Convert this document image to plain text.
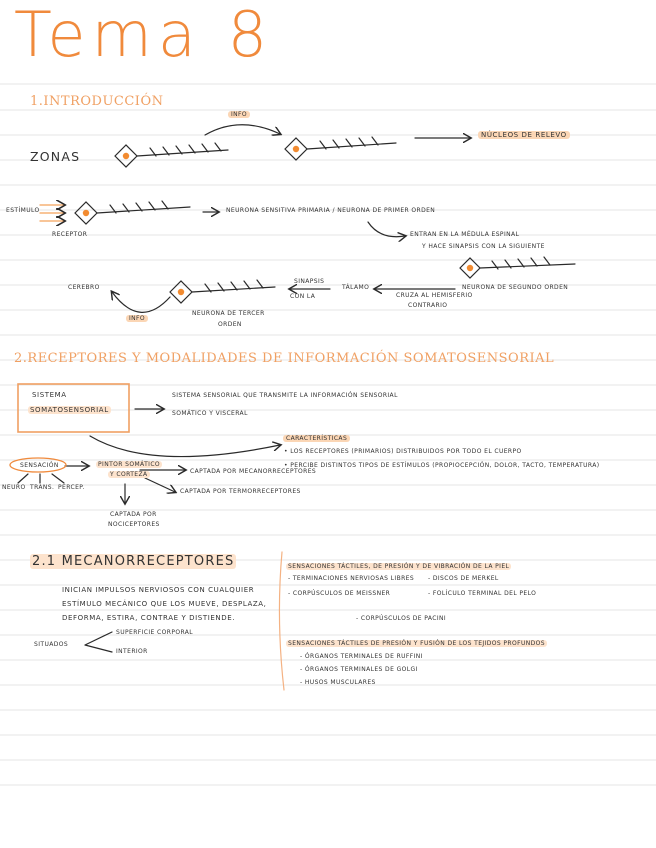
Tema 8
1.INTRODUCCIÓN
ZONAS
INFO
NÚCLEOS DE RELEVO
ESTÍMULO
RECEPTOR
NEURONA SENSITIVA PRIMARIA / NEURONA DE PRIMER ORDEN
ENTRAN EN LA MÉDULA ESPINAL
Y HACE SINAPSIS CON LA SIGUIENTE
CEREBRO
INFO
NEURONA DE TERCER
ORDEN
SINAPSIS
CON LA
TÁLAMO
CRUZA AL HEMISFERIO
CONTRARIO
NEURONA DE SEGUNDO ORDEN
2.RECEPTORES Y MODALIDADES DE INFORMACIÓN SOMATOSENSORIAL
SISTEMA
SOMATOSENSORIAL
SISTEMA SENSORIAL QUE TRANSMITE LA INFORMACIÓN SENSORIAL
SOMÁTICO Y VISCERAL
CARACTERÍSTICAS
• LOS RECEPTORES (PRIMARIOS) DISTRIBUIDOS POR TODO EL CUERPO
• PERCIBE DISTINTOS TIPOS DE ESTÍMULOS (PROPIOCEPCIÓN, DOLOR, TACTO, TEMPERATURA)
SENSACIÓN
NEURO TRANS. PERCEP.
PINTOR SOMÁTICO
Y CORTEZA	CAPTADA POR MECANORRECEPTORES
CAPTADA POR TERMORRECEPTORES
CAPTADA POR
NOCICEPTORES
2.1 MECANORRECEPTORES
INICIAN IMPULSOS NERVIOSOS CON CUALQUIER
ESTÍMULO MECÁNICO QUE LOS MUEVE, DESPLAZA,
DEFORMA, ESTIRA, CONTRAE Y DISTIENDE.
SITUADOS
SUPERFICIE CORPORAL
INTERIOR
SENSACIONES TÁCTILES, DE PRESIÓN Y DE VIBRACIÓN DE LA PIEL
- TERMINACIONES NERVIOSAS LIBRES - DISCOS DE MERKEL
- CORPÚSCULOS DE MEISSNER	- FOLÍCULO TERMINAL DEL PELO
- CORPÚSCULOS DE PACINI
SENSACIONES TÁCTILES DE PRESIÓN Y FUSIÓN DE LOS TEJIDOS PROFUNDOS
- ÓRGANOS TERMINALES DE RUFFINI
- ÓRGANOS TERMINALES DE GOLGI
- HUSOS MUSCULARES
